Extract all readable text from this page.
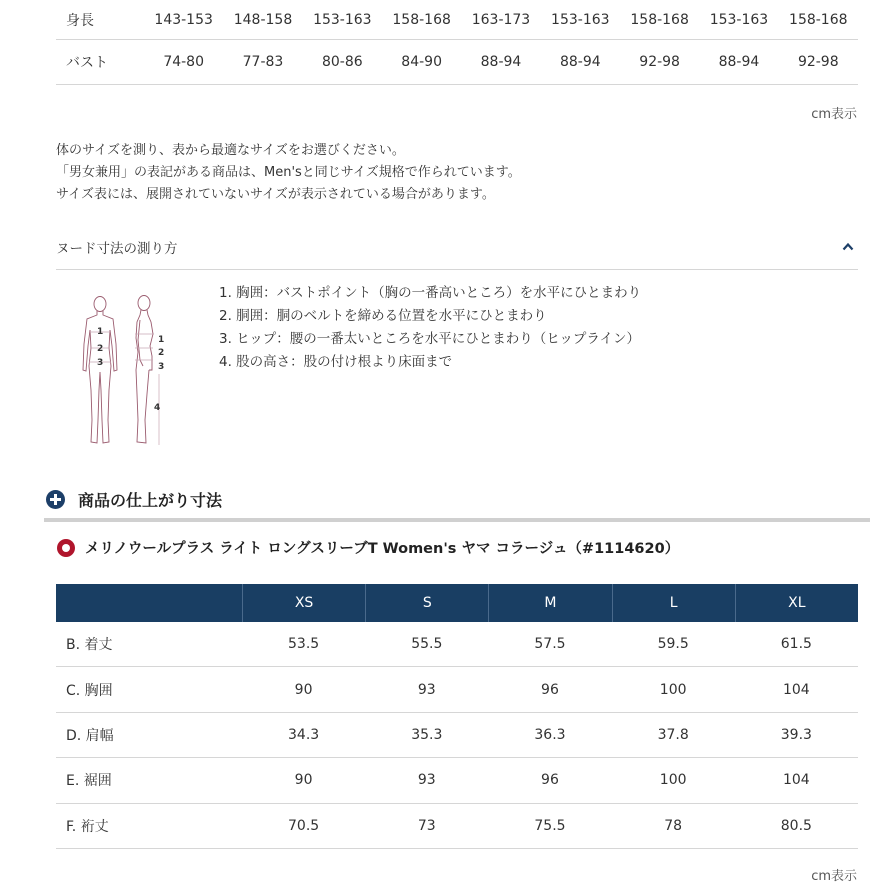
身長	143-153	148-158	153-163	158-168	163-173	153-163	158-168	153-163	158-168
バスト	74-80	77-83	80-86	84-90	88-94	88-94	92-98	88-94	92-98
cm表示
体のサイズを測り、表から最適なサイズをお選びください。
「男女兼用」の表記がある商品は、Men'sと同じサイズ規格で作られています。
サイズ表には、展開されていないサイズが表示されている場合があります。
ヌード寸法の測り方
1
2
3
1
2
3
4
1. 胸囲：バストポイント（胸の一番高いところ）を水平にひとまわり
2. 胴囲：胴のベルトを締める位置を水平にひとまわり
3. ヒップ：腰の一番太いところを水平にひとまわり（ヒップライン）
4. 股の高さ：股の付け根より床面まで
商品の仕上がり寸法
メリノウールプラス ライト ロングスリーブT Women's ヤマ コラージュ（#1114620）
XS	S	M	L	XL
B. 着丈	53.5	55.5	57.5	59.5	61.5
C. 胸囲	90	93	96	100	104
D. 肩幅	34.3	35.3	36.3	37.8	39.3
E. 裾囲	90	93	96	100	104
F. 裄丈	70.5	73	75.5	78	80.5
cm表示
